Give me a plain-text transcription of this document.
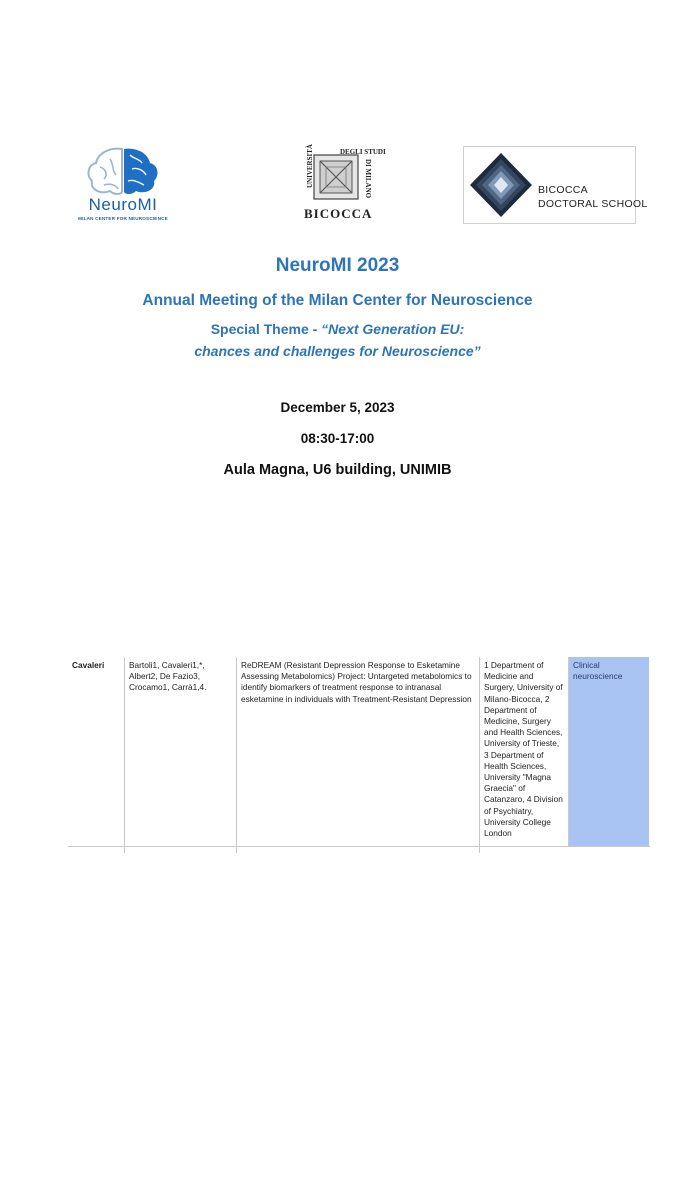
NeuroMI
MILAN CENTER FOR NEUROSCIENCE
UNIVERSITÀ	DEGLI STUDI
DI MILANO
BICOCCA
BICOCCA
DOCTORAL SCHOOL
NeuroMI 2023
Annual Meeting of the Milan Center for Neuroscience
Special Theme - “Next Generation EU:
chances and challenges for Neuroscience”
December 5, 2023
08:30-17:00
Aula Magna, U6 building, UNIMIB
Cavaleri	Bartoli1, Cavaleri1,*, Albert2, De Fazio3, Crocamo1, Carrà1,4.
ReDREAM (Resistant Depression Response to Esketamine Assessing Metabolomics) Project: Untargeted metabolomics to identify biomarkers of treatment response to intranasal esketamine in individuals with Treatment-Resistant Depression
1 Department of Medicine and Surgery, University of Milano-Bicocca, 2 Department of Medicine, Surgery and Health Sciences, University of Trieste, 3 Department of Health Sciences, University "Magna Graecia" of Catanzaro, 4 Division of Psychiatry, University College London
Clinical neuroscience
